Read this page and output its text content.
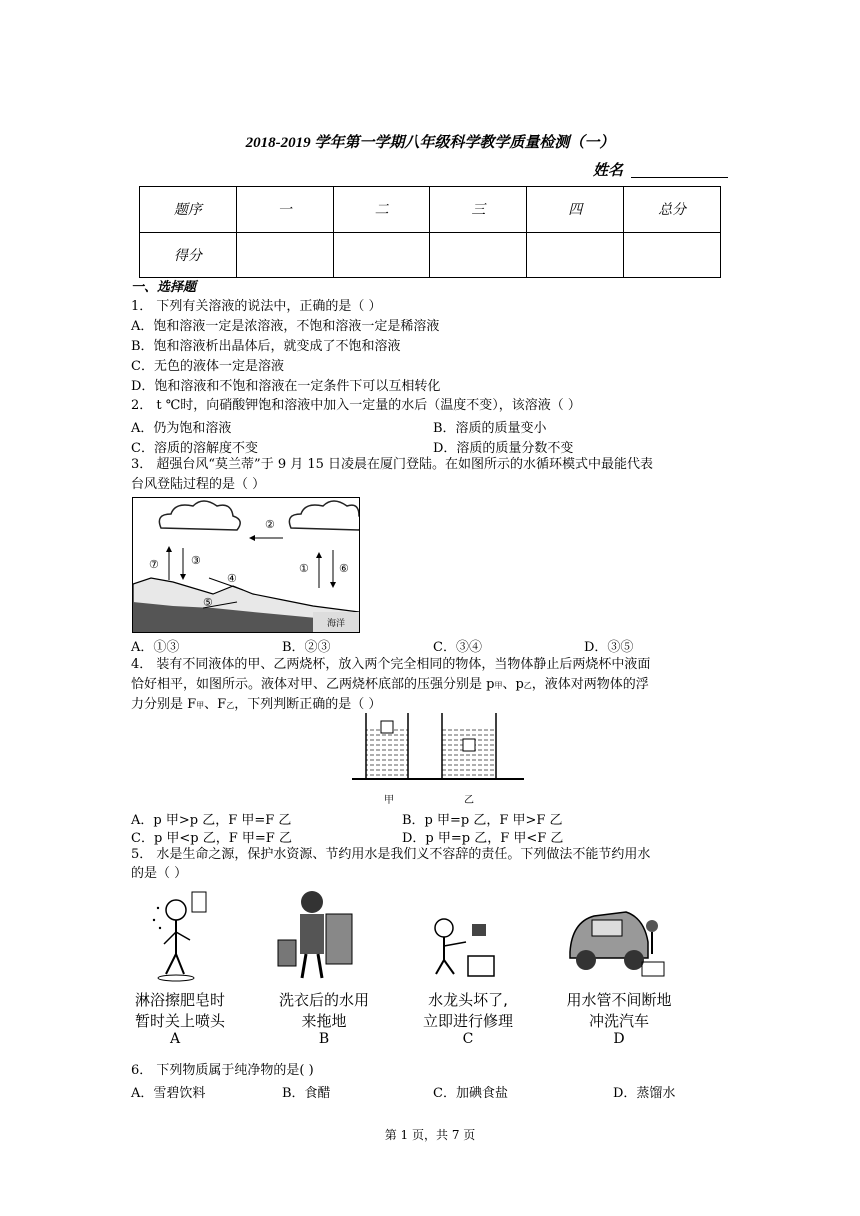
2018-2019 学年第一学期八年级科学教学质量检测（一）
姓名
题序	一	二	三	四	总分
得分					
一、选择题
1． 下列有关溶液的说法中，正确的是（ ）
A．饱和溶液一定是浓溶液，不饱和溶液一定是稀溶液
B．饱和溶液析出晶体后，就变成了不饱和溶液
C．无色的液体一定是溶液
D．饱和溶液和不饱和溶液在一定条件下可以互相转化
2． t ℃时，向硝酸钾饱和溶液中加入一定量的水后（温度不变），该溶液（ ）
A．仍为饱和溶液	B．溶质的质量变小
C．溶质的溶解度不变	D．溶质的质量分数不变
3． 超强台风“莫兰蒂”于 9 月 15 日凌晨在厦门登陆。在如图所示的水循环模式中最能代表
台风登陆过程的是（ ）
②
⑦	③
④
⑤
①	⑥
海洋
A．①③	B．②③	C．③④	D．③⑤
4． 装有不同液体的甲、乙两烧杯，放入两个完全相同的物体，当物体静止后两烧杯中液面
恰好相平，如图所示。液体对甲、乙两烧杯底部的压强分别是 p甲、p乙，液体对两物体的浮
力分别是 F甲、F乙，下列判断正确的是（ ）
甲	乙
A．p 甲>p 乙，F 甲=F 乙	B．p 甲=p 乙，F 甲>F 乙
C．p 甲<p 乙，F 甲=F 乙	D．p 甲=p 乙，F 甲<F 乙
5． 水是生命之源，保护水资源、节约用水是我们义不容辞的责任。下列做法不能节约用水
的是（ ）
淋浴擦肥皂时
暂时关上喷头
A
洗衣后的水用
来拖地
B
水龙头坏了,
立即进行修理
C
用水管不间断地
冲洗汽车
D
6． 下列物质属于纯净物的是( )
A．雪碧饮料	B．食醋	C．加碘食盐	D．蒸馏水
第 1 页，共 7 页
